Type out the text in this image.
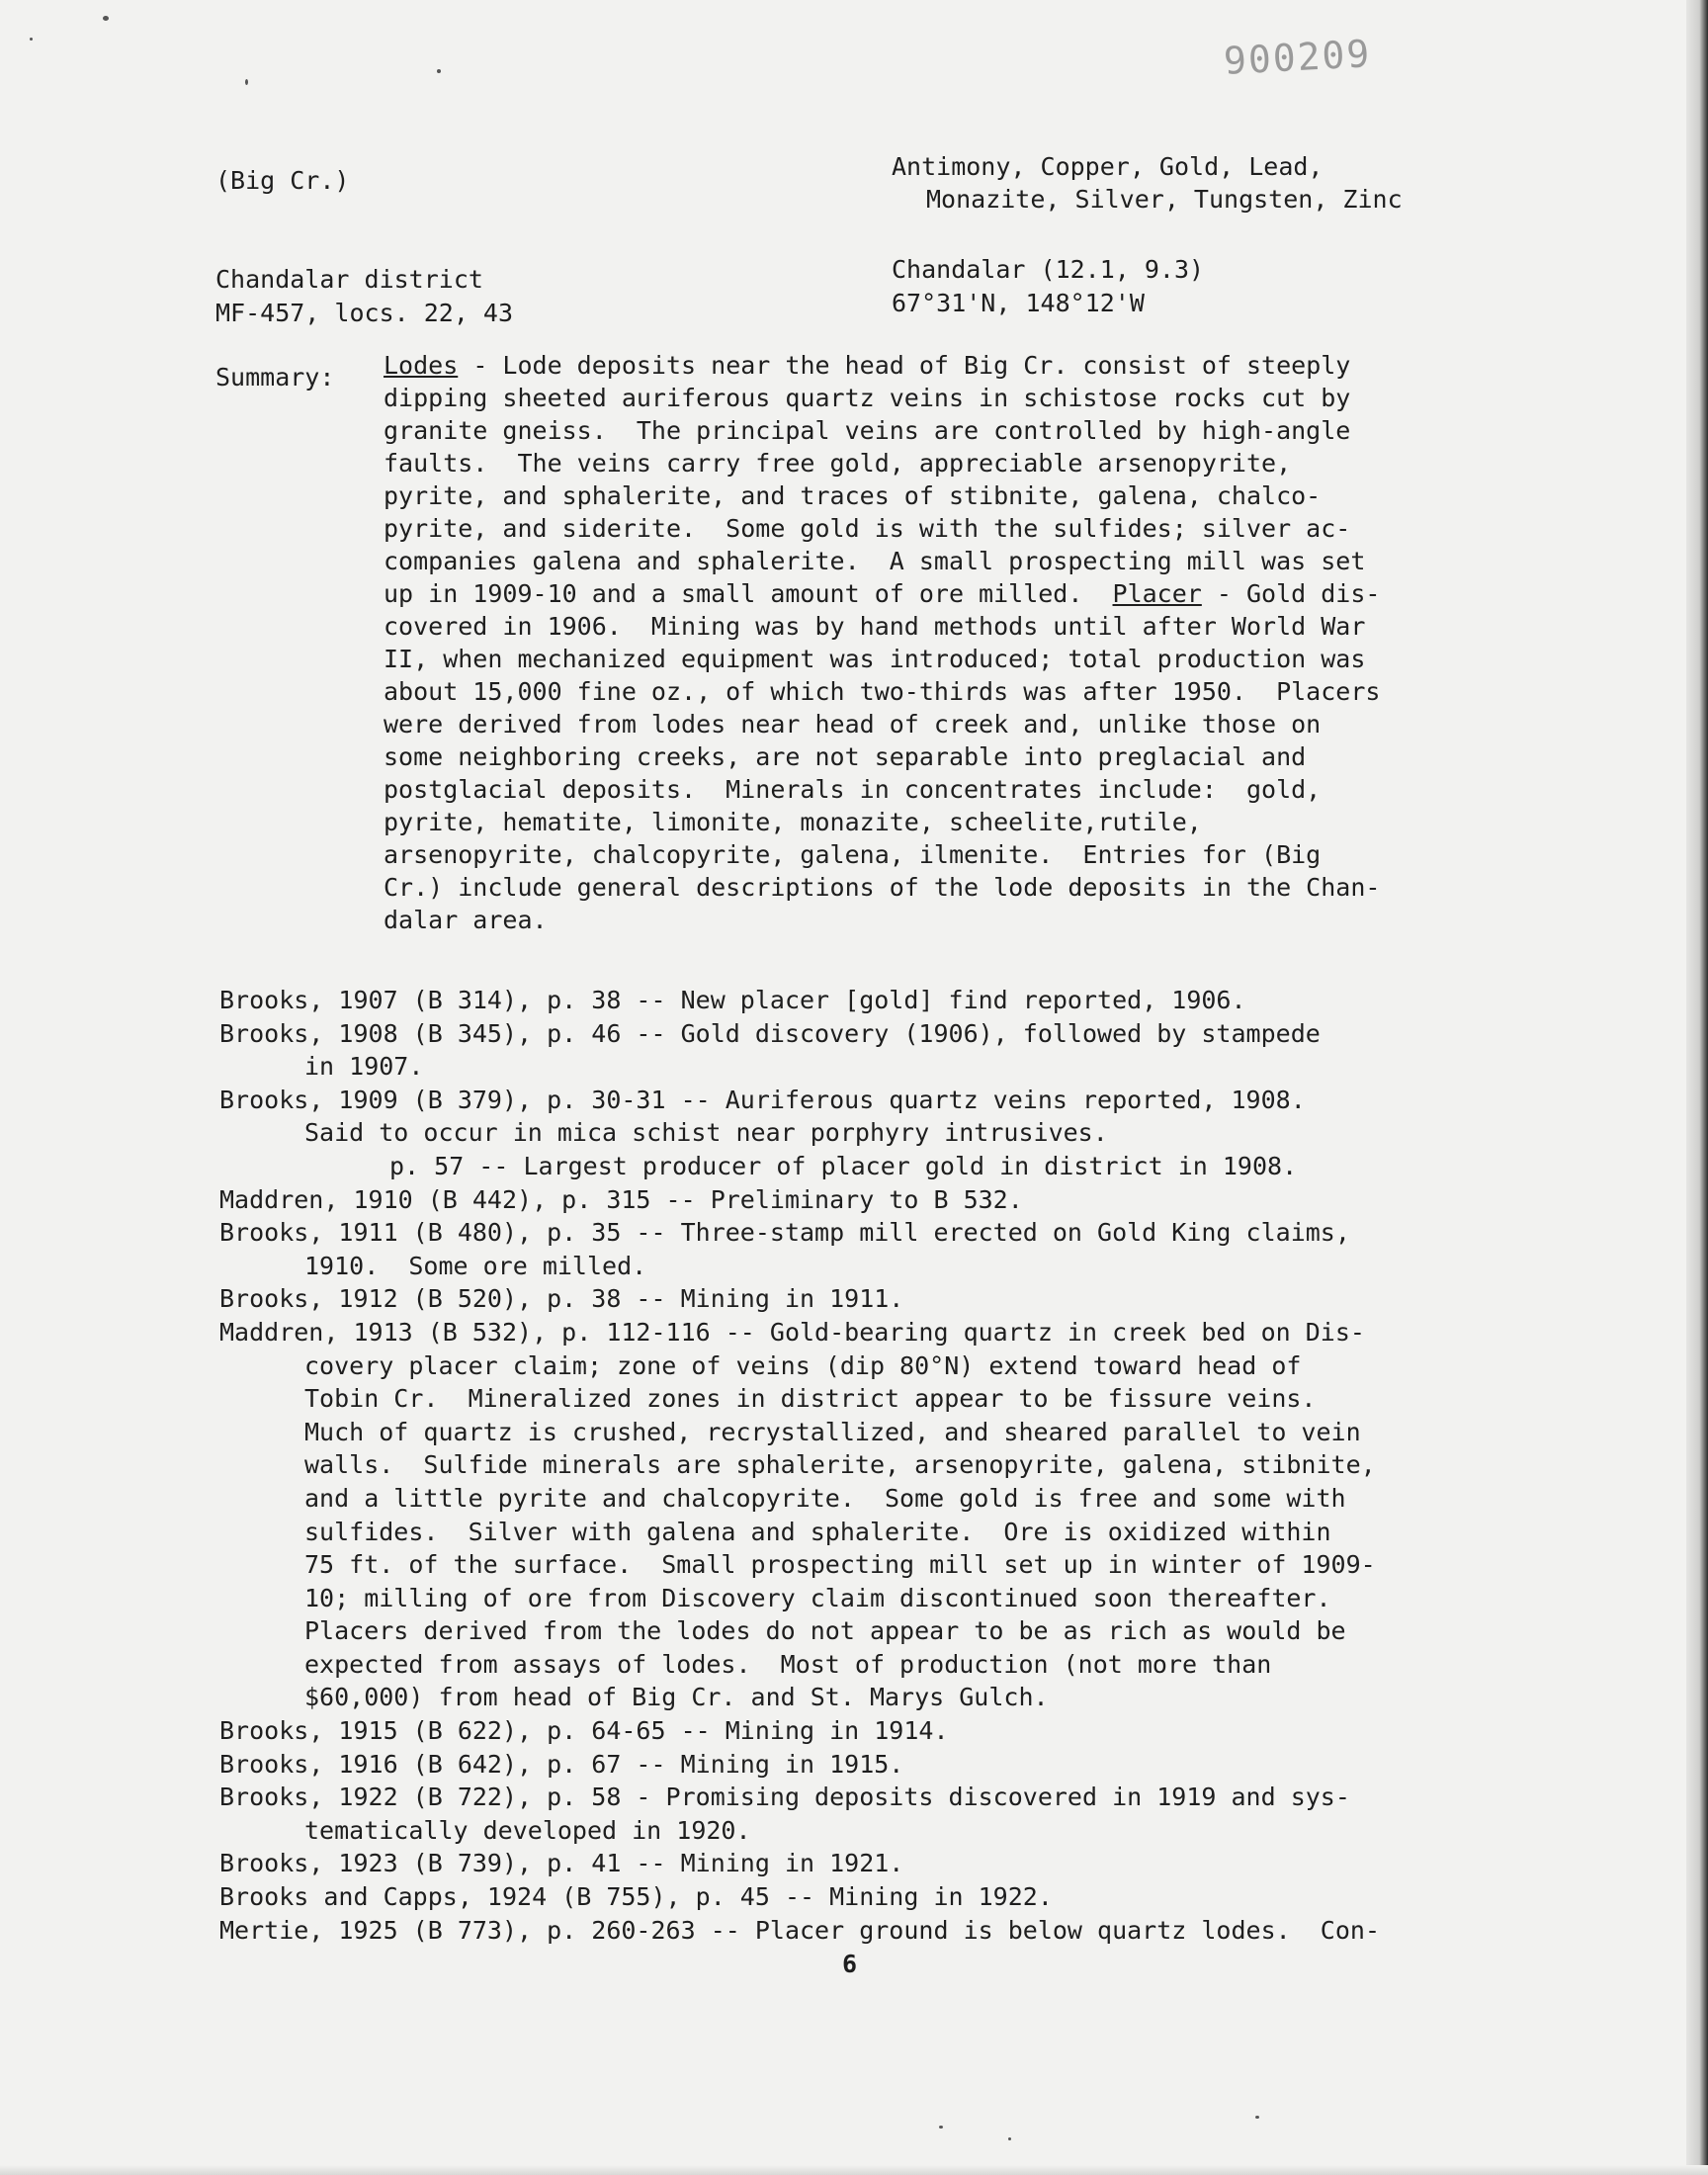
900209
(Big Cr.)	Antimony, Copper, Gold, Lead,
Monazite, Silver, Tungsten, Zinc
Chandalar district
MF-457, locs. 22, 43
Chandalar (12.1, 9.3)
67°31'N, 148°12'W
Summary: Lodes - Lode deposits near the head of Big Cr. consist of steeply
dipping sheeted auriferous quartz veins in schistose rocks cut by
granite gneiss.  The principal veins are controlled by high-angle
faults.  The veins carry free gold, appreciable arsenopyrite,
pyrite, and sphalerite, and traces of stibnite, galena, chalco-
pyrite, and siderite.  Some gold is with the sulfides; silver ac-
companies galena and sphalerite.  A small prospecting mill was set
up in 1909-10 and a small amount of ore milled.  Placer - Gold dis-
covered in 1906.  Mining was by hand methods until after World War
II, when mechanized equipment was introduced; total production was
about 15,000 fine oz., of which two-thirds was after 1950.  Placers
were derived from lodes near head of creek and, unlike those on
some neighboring creeks, are not separable into preglacial and
postglacial deposits.  Minerals in concentrates include:  gold,
pyrite, hematite, limonite, monazite, scheelite,rutile,
arsenopyrite, chalcopyrite, galena, ilmenite.  Entries for (Big
Cr.) include general descriptions of the lode deposits in the Chan-
dalar area.
Brooks, 1907 (B 314), p. 38 -- New placer [gold] find reported, 1906.
Brooks, 1908 (B 345), p. 46 -- Gold discovery (1906), followed by stampede
in 1907.
Brooks, 1909 (B 379), p. 30-31 -- Auriferous quartz veins reported, 1908.
Said to occur in mica schist near porphyry intrusives.
p. 57 -- Largest producer of placer gold in district in 1908.
Maddren, 1910 (B 442), p. 315 -- Preliminary to B 532.
Brooks, 1911 (B 480), p. 35 -- Three-stamp mill erected on Gold King claims,
1910.  Some ore milled.
Brooks, 1912 (B 520), p. 38 -- Mining in 1911.
Maddren, 1913 (B 532), p. 112-116 -- Gold-bearing quartz in creek bed on Dis-
covery placer claim; zone of veins (dip 80°N) extend toward head of
Tobin Cr.  Mineralized zones in district appear to be fissure veins.
Much of quartz is crushed, recrystallized, and sheared parallel to vein
walls.  Sulfide minerals are sphalerite, arsenopyrite, galena, stibnite,
and a little pyrite and chalcopyrite.  Some gold is free and some with
sulfides.  Silver with galena and sphalerite.  Ore is oxidized within
75 ft. of the surface.  Small prospecting mill set up in winter of 1909-
10; milling of ore from Discovery claim discontinued soon thereafter.
Placers derived from the lodes do not appear to be as rich as would be
expected from assays of lodes.  Most of production (not more than
$60,000) from head of Big Cr. and St. Marys Gulch.
Brooks, 1915 (B 622), p. 64-65 -- Mining in 1914.
Brooks, 1916 (B 642), p. 67 -- Mining in 1915.
Brooks, 1922 (B 722), p. 58 - Promising deposits discovered in 1919 and sys-
tematically developed in 1920.
Brooks, 1923 (B 739), p. 41 -- Mining in 1921.
Brooks and Capps, 1924 (B 755), p. 45 -- Mining in 1922.
Mertie, 1925 (B 773), p. 260-263 -- Placer ground is below quartz lodes.  Con-
6
